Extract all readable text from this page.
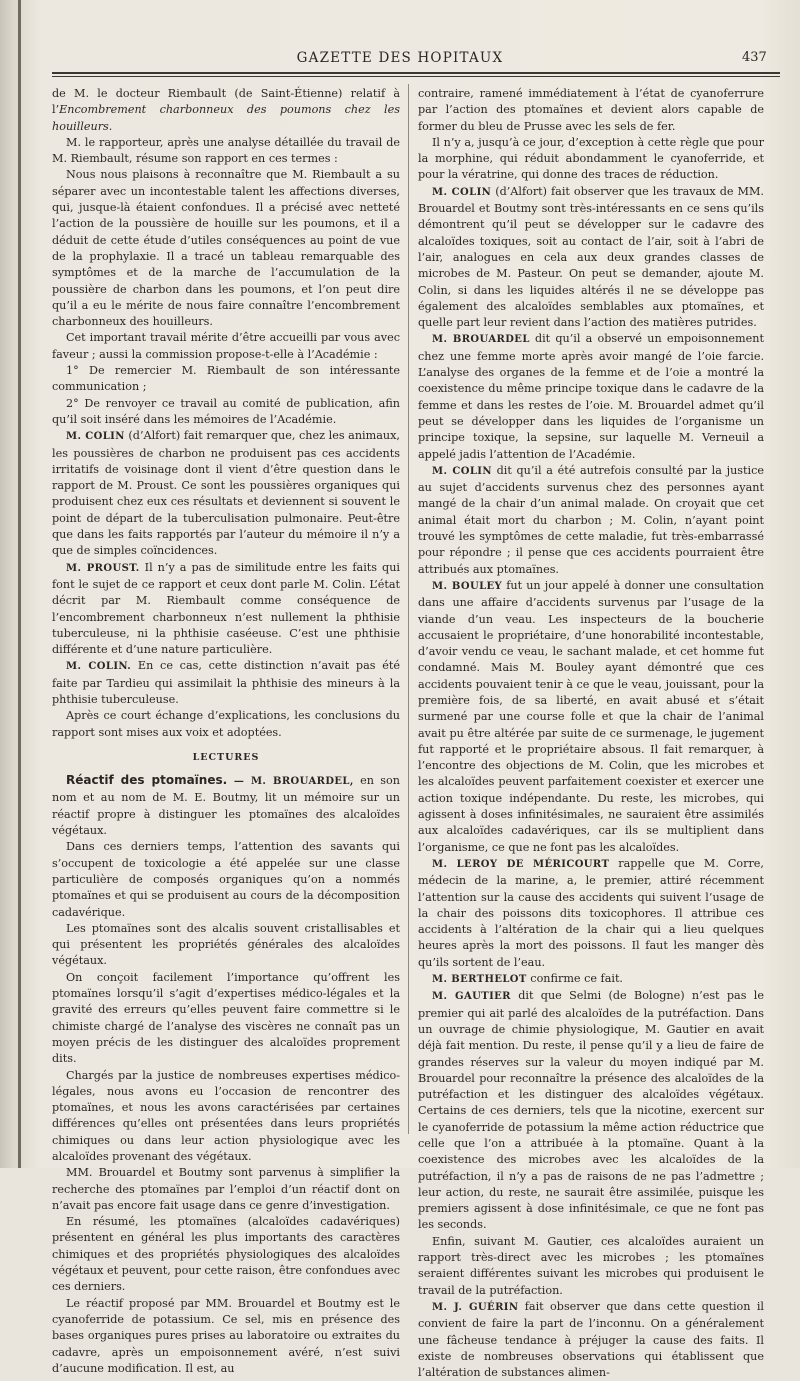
GAZETTE DES HOPITAUX	437

de M. le docteur Riembault (de Saint-Étienne) relatif à l’Encombrement charbonneux des poumons chez les houilleurs.

M. le rapporteur, après une analyse détaillée du travail de M. Riembault, résume son rapport en ces termes :

Nous nous plaisons à reconnaître que M. Riembault a su séparer avec un incontestable talent les affections diverses, qui, jusque-là étaient confondues. Il a précisé avec netteté l’action de la poussière de houille sur les poumons, et il a déduit de cette étude d’utiles conséquences au point de vue de la prophylaxie. Il a tracé un tableau remarquable des symptômes et de la marche de l’accumulation de la poussière de charbon dans les poumons, et l’on peut dire qu’il a eu le mérite de nous faire connaître l’encombrement charbonneux des houilleurs.

Cet important travail mérite d’être accueilli par vous avec faveur ; aussi la commission propose-t-elle à l’Académie :

1° De remercier M. Riembault de son intéressante communication ;

2° De renvoyer ce travail au comité de publication, afin qu’il soit inséré dans les mémoires de l’Académie.

M. COLIN (d’Alfort) fait remarquer que, chez les animaux, les poussières de charbon ne produisent pas ces accidents irritatifs de voisinage dont il vient d’être question dans le rapport de M. Proust. Ce sont les poussières organiques qui produisent chez eux ces résultats et deviennent si souvent le point de départ de la tuberculisation pulmonaire. Peut-être que dans les faits rapportés par l’auteur du mémoire il n’y a que de simples coïncidences.

M. PROUST. Il n’y a pas de similitude entre les faits qui font le sujet de ce rapport et ceux dont parle M. Colin. L’état décrit par M. Riembault comme conséquence de l’encombrement charbonneux n’est nullement la phthisie tuberculeuse, ni la phthisie caséeuse. C’est une phthisie différente et d’une nature particulière.

M. COLIN. En ce cas, cette distinction n’avait pas été faite par Tardieu qui assimilait la phthisie des mineurs à la phthisie tuberculeuse.

Après ce court échange d’explications, les conclusions du rapport sont mises aux voix et adoptées.

LECTURES

Réactif des ptomaïnes. — M. BROUARDEL, en son nom et au nom de M. E. Boutmy, lit un mémoire sur un réactif propre à distinguer les ptomaïnes des alcaloïdes végétaux.

Dans ces derniers temps, l’attention des savants qui s’occupent de toxicologie a été appelée sur une classe particulière de composés organiques qu’on a nommés ptomaïnes et qui se produisent au cours de la décomposition cadavérique.

Les ptomaïnes sont des alcalis souvent cristallisables et qui présentent les propriétés générales des alcaloïdes végétaux.

On conçoit facilement l’importance qu’offrent les ptomaïnes lorsqu’il s’agit d’expertises médico-légales et la gravité des erreurs qu’elles peuvent faire commettre si le chimiste chargé de l’analyse des viscères ne connaît pas un moyen précis de les distinguer des alcaloïdes proprement dits.

Chargés par la justice de nombreuses expertises médico-légales, nous avons eu l’occasion de rencontrer des ptomaïnes, et nous les avons caractérisées par certaines différences qu’elles ont présentées dans leurs propriétés chimiques ou dans leur action physiologique avec les alcaloïdes provenant des végétaux.

MM. Brouardel et Boutmy sont parvenus à simplifier la recherche des ptomaïnes par l’emploi d’un réactif dont on n’avait pas encore fait usage dans ce genre d’investigation.

En résumé, les ptomaïnes (alcaloïdes cadavériques) présentent en général les plus importants des caractères chimiques et des propriétés physiologiques des alcaloïdes végétaux et peuvent, pour cette raison, être confondues avec ces derniers.

Le réactif proposé par MM. Brouardel et Boutmy est le cyanoferride de potassium. Ce sel, mis en présence des bases organiques pures prises au laboratoire ou extraites du cadavre, après un empoisonnement avéré, n’est suivi d’aucune modification. Il est, au

contraire, ramené immédiatement à l’état de cyanoferrure par l’action des ptomaïnes et devient alors capable de former du bleu de Prusse avec les sels de fer.

Il n’y a, jusqu’à ce jour, d’exception à cette règle que pour la morphine, qui réduit abondamment le cyanoferride, et pour la vératrine, qui donne des traces de réduction.

M. COLIN (d’Alfort) fait observer que les travaux de MM. Brouardel et Boutmy sont très-intéressants en ce sens qu’ils démontrent qu’il peut se développer sur le cadavre des alcaloïdes toxiques, soit au contact de l’air, soit à l’abri de l’air, analogues en cela aux deux grandes classes de microbes de M. Pasteur. On peut se demander, ajoute M. Colin, si dans les liquides altérés il ne se développe pas également des alcaloïdes semblables aux ptomaïnes, et quelle part leur revient dans l’action des matières putrides.

M. BROUARDEL dit qu’il a observé un empoisonnement chez une femme morte après avoir mangé de l’oie farcie. L’analyse des organes de la femme et de l’oie a montré la coexistence du même principe toxique dans le cadavre de la femme et dans les restes de l’oie. M. Brouardel admet qu’il peut se développer dans les liquides de l’organisme un principe toxique, la sepsine, sur laquelle M. Verneuil a appelé jadis l’attention de l’Académie.

M. COLIN dit qu’il a été autrefois consulté par la justice au sujet d’accidents survenus chez des personnes ayant mangé de la chair d’un animal malade. On croyait que cet animal était mort du charbon ; M. Colin, n’ayant point trouvé les symptômes de cette maladie, fut très-embarrassé pour répondre ; il pense que ces accidents pourraient être attribués aux ptomaïnes.

M. BOULEY fut un jour appelé à donner une consultation dans une affaire d’accidents survenus par l’usage de la viande d’un veau. Les inspecteurs de la boucherie accusaient le propriétaire, d’une honorabilité incontestable, d’avoir vendu ce veau, le sachant malade, et cet homme fut condamné. Mais M. Bouley ayant démontré que ces accidents pouvaient tenir à ce que le veau, jouissant, pour la première fois, de sa liberté, en avait abusé et s’était surmené par une course folle et que la chair de l’animal avait pu être altérée par suite de ce surmenage, le jugement fut rapporté et le propriétaire absous. Il fait remarquer, à l’encontre des objections de M. Colin, que les microbes et les alcaloïdes peuvent parfaitement coexister et exercer une action toxique indépendante. Du reste, les microbes, qui agissent à doses infinitésimales, ne sauraient être assimilés aux alcaloïdes cadavériques, car ils se multiplient dans l’organisme, ce que ne font pas les alcaloïdes.

M. LEROY DE MÉRICOURT rappelle que M. Corre, médecin de la marine, a, le premier, attiré récemment l’attention sur la cause des accidents qui suivent l’usage de la chair des poissons dits toxicophores. Il attribue ces accidents à l’altération de la chair qui a lieu quelques heures après la mort des poissons. Il faut les manger dès qu’ils sortent de l’eau.

M. BERTHELOT confirme ce fait.

M. GAUTIER dit que Selmi (de Bologne) n’est pas le premier qui ait parlé des alcaloïdes de la putréfaction. Dans un ouvrage de chimie physiologique, M. Gautier en avait déjà fait mention. Du reste, il pense qu’il y a lieu de faire de grandes réserves sur la valeur du moyen indiqué par M. Brouardel pour reconnaître la présence des alcaloïdes de la putréfaction et les distinguer des alcaloïdes végétaux. Certains de ces derniers, tels que la nicotine, exercent sur le cyanoferride de potassium la même action réductrice que celle que l’on a attribuée à la ptomaïne. Quant à la coexistence des microbes avec les alcaloïdes de la putréfaction, il n’y a pas de raisons de ne pas l’admettre ; leur action, du reste, ne saurait être assimilée, puisque les premiers agissent à dose infinitésimale, ce que ne font pas les seconds.

Enfin, suivant M. Gautier, ces alcaloïdes auraient un rapport très-direct avec les microbes ; les ptomaïnes seraient différentes suivant les microbes qui produisent le travail de la putréfaction.

M. J. GUÉRIN fait observer que dans cette question il convient de faire la part de l’inconnu. On a généralement une fâcheuse tendance à préjuger la cause des faits. Il existe de nombreuses observations qui établissent que l’altération de substances alimen-
